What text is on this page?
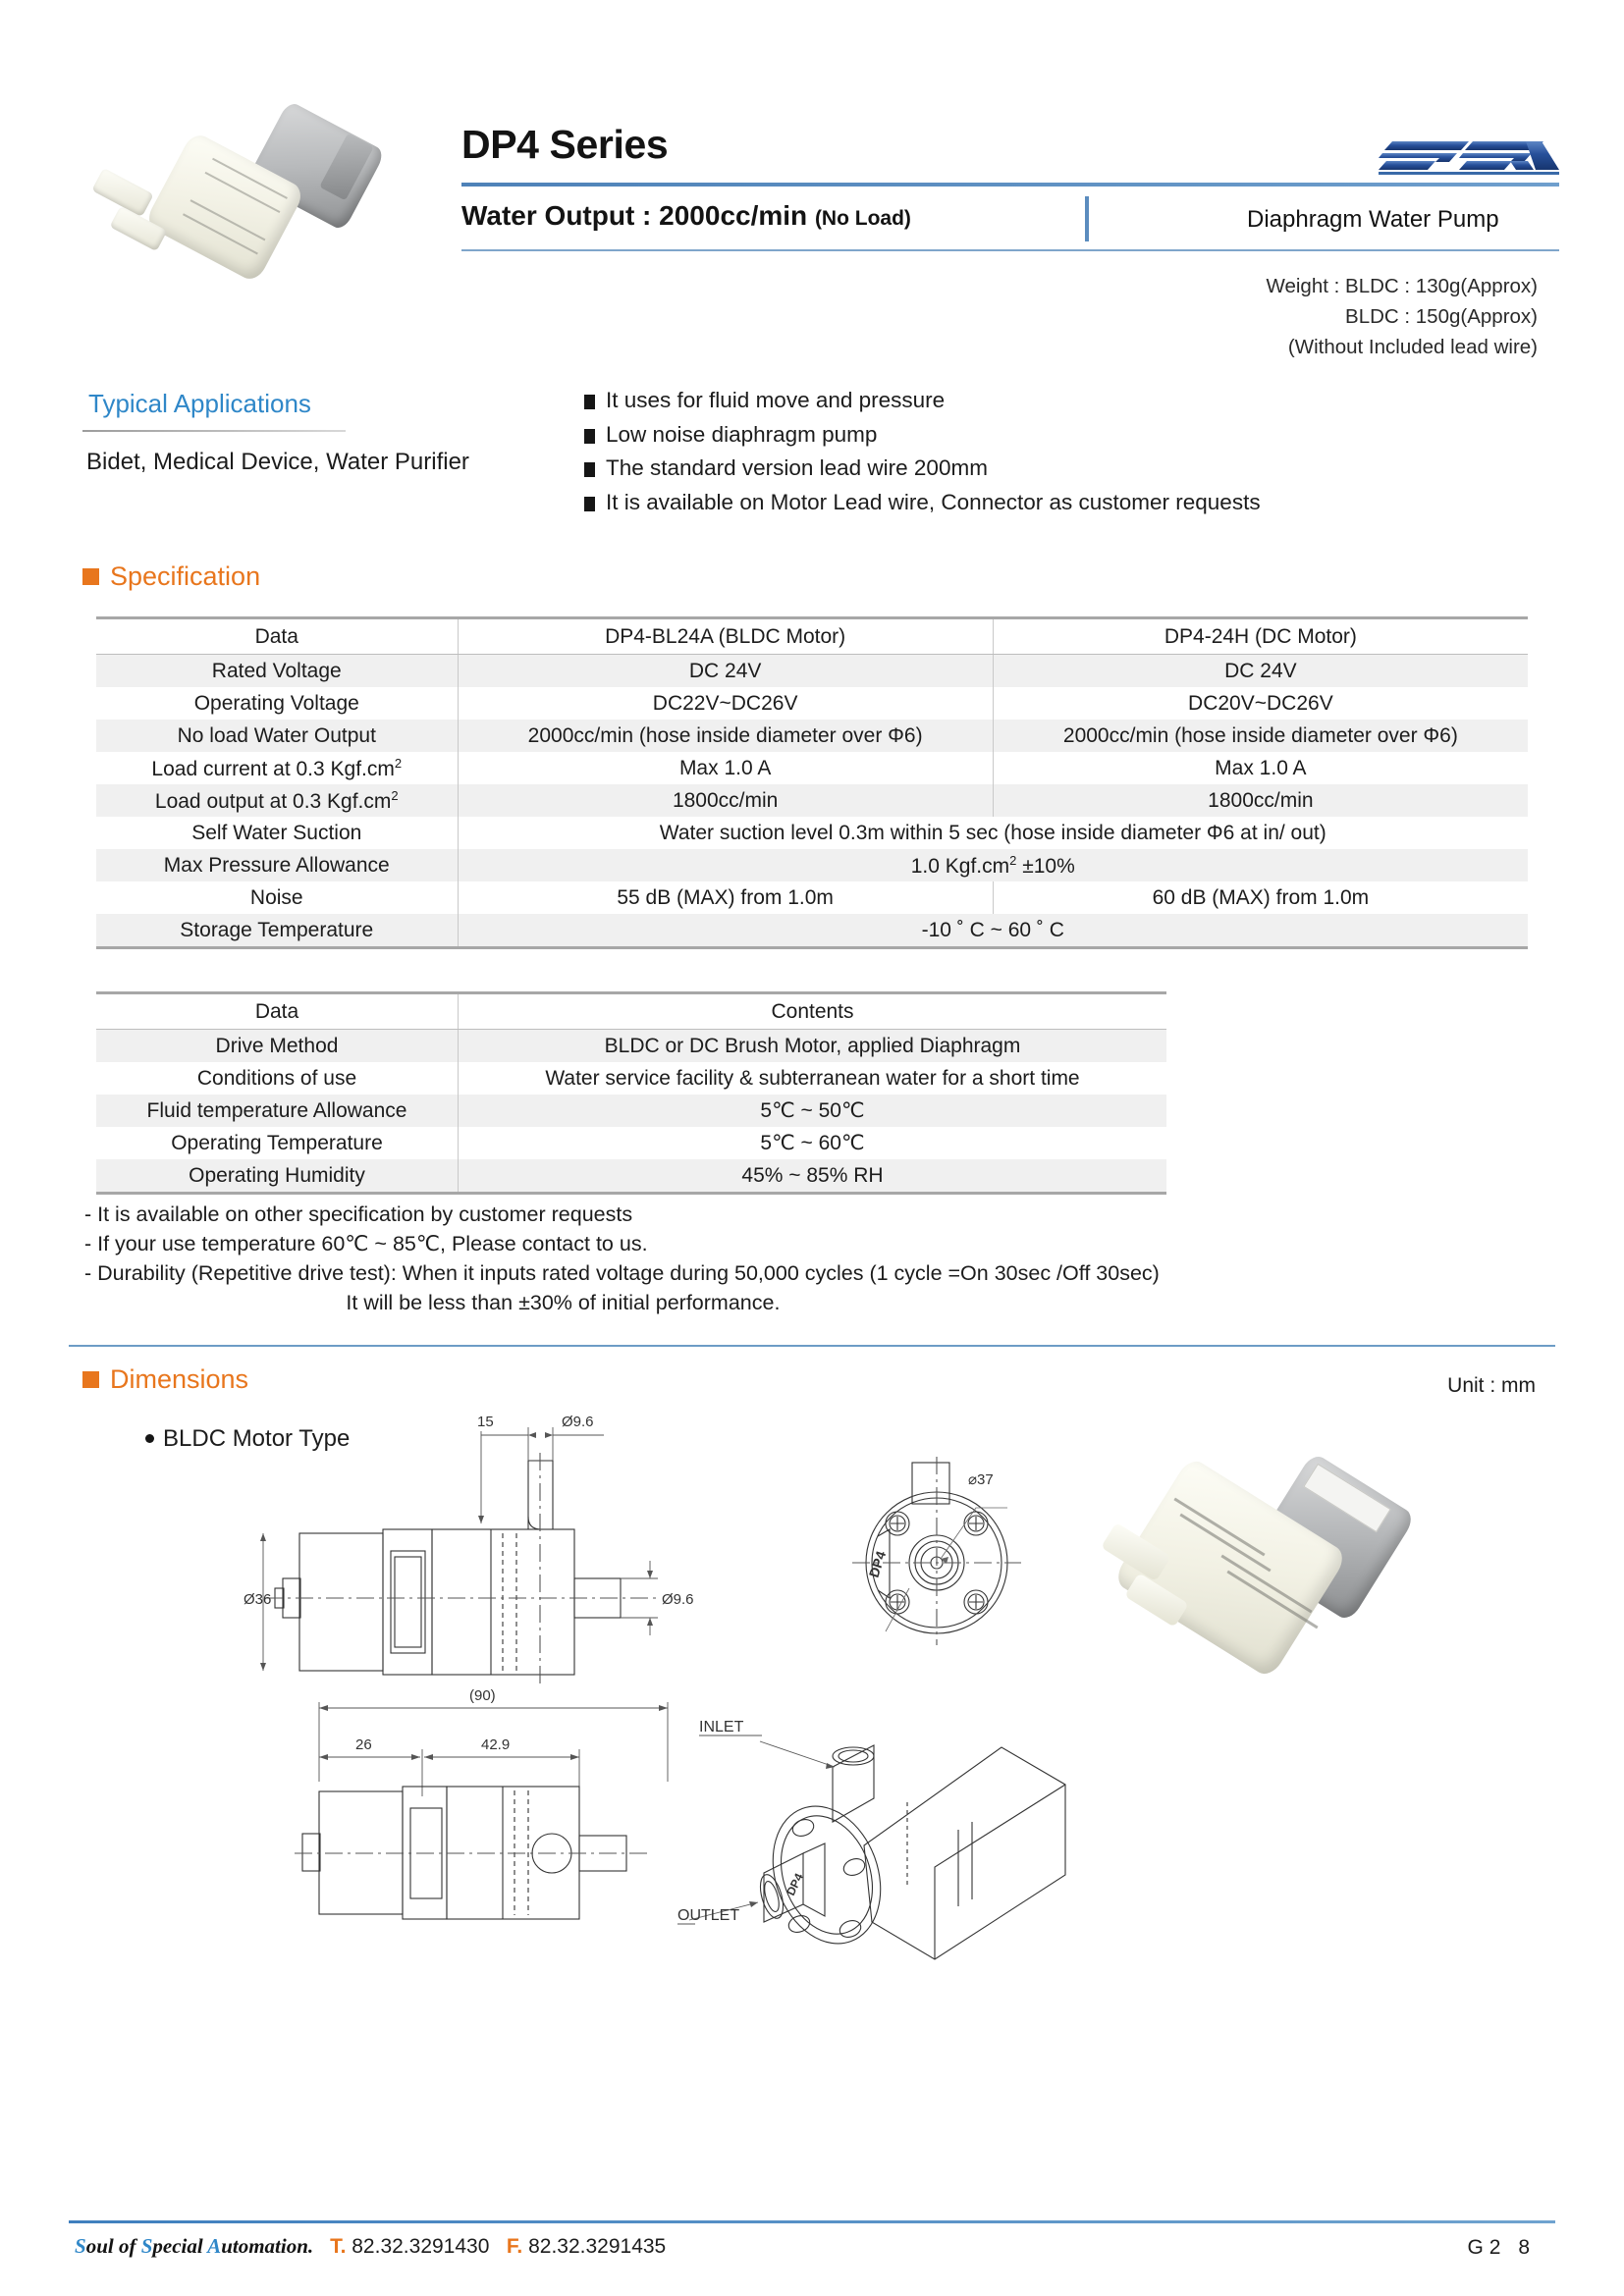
DP4 Series
Water Output : 2000cc/min (No Load)	Diaphragm Water Pump
Weight : BLDC : 130g(Approx)
BLDC : 150g(Approx)
(Without Included lead wire)
Typical Applications
Bidet, Medical Device, Water Purifier
It uses for fluid move and pressure
Low noise diaphragm pump
The standard version lead wire 200mm
It is available on Motor Lead wire, Connector as customer requests
Specification
Data	DP4-BL24A (BLDC Motor)	DP4-24H (DC Motor)
Rated Voltage	DC 24V	DC 24V
Operating Voltage	DC22V~DC26V	DC20V~DC26V
No load Water Output	2000cc/min (hose inside diameter over Φ6)	2000cc/min (hose inside diameter over Φ6)
Load current at 0.3 $Kgf.cm^2$	Max 1.0 A	Max 1.0 A
Load output at 0.3 $Kgf.cm^2$	1800cc/min	1800cc/min
Self Water Suction	Water suction level 0.3m within 5 sec (hose inside diameter Φ6 at in/ out)	
Max Pressure Allowance	1.0 $Kgf.cm^2 \pm 10\%$	
Noise	55 dB (MAX) from 1.0m	60 dB (MAX) from 1.0m
Storage Temperature	-10 ˚ C ~ 60 ˚ C	
Data	Contents
Drive Method	BLDC or DC Brush Motor, applied Diaphragm
Conditions of use	Water service facility & subterranean water for a short time
Fluid temperature Allowance	5℃ ~ 50℃
Operating Temperature	5℃ ~ 60℃
Operating Humidity	45% ~ 85% RH
- It is available on other specification by customer requests
- If your use temperature 60℃ ~ 85℃, Please contact to us.
- Durability (Repetitive drive test): When it inputs rated voltage during 50,000 cycles (1 cycle =On 30sec /Off 30sec)
It will be less than ±30% of initial performance.
Dimensions	Unit : mm
BLDC Motor Type
Ø36
15	Ø9.6
Ø9.6
⌀37
DP4
(90)
26	42.9
INLET
OUTLET
DP4
Soul of Special Automation. T. 82.32.3291430 F. 82.32.3291435	G2 8
